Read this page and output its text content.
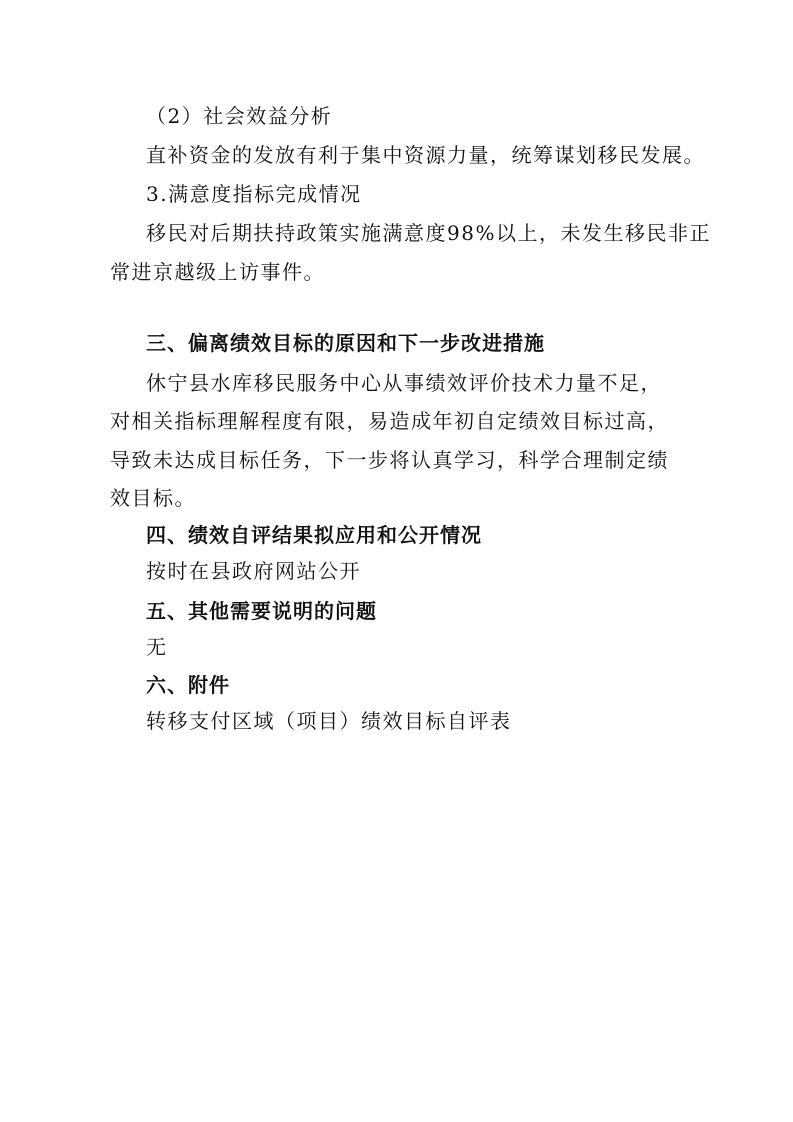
（2）社会效益分析
直补资金的发放有利于集中资源力量，统筹谋划移民发展。
3.满意度指标完成情况
移民对后期扶持政策实施满意度98%以上，未发生移民非正
常进京越级上访事件。
三、偏离绩效目标的原因和下一步改进措施
休宁县水库移民服务中心从事绩效评价技术力量不足，
对相关指标理解程度有限，易造成年初自定绩效目标过高，
导致未达成目标任务，下一步将认真学习，科学合理制定绩
效目标。
四、绩效自评结果拟应用和公开情况
按时在县政府网站公开
五、其他需要说明的问题
无
六、附件
转移支付区域（项目）绩效目标自评表
